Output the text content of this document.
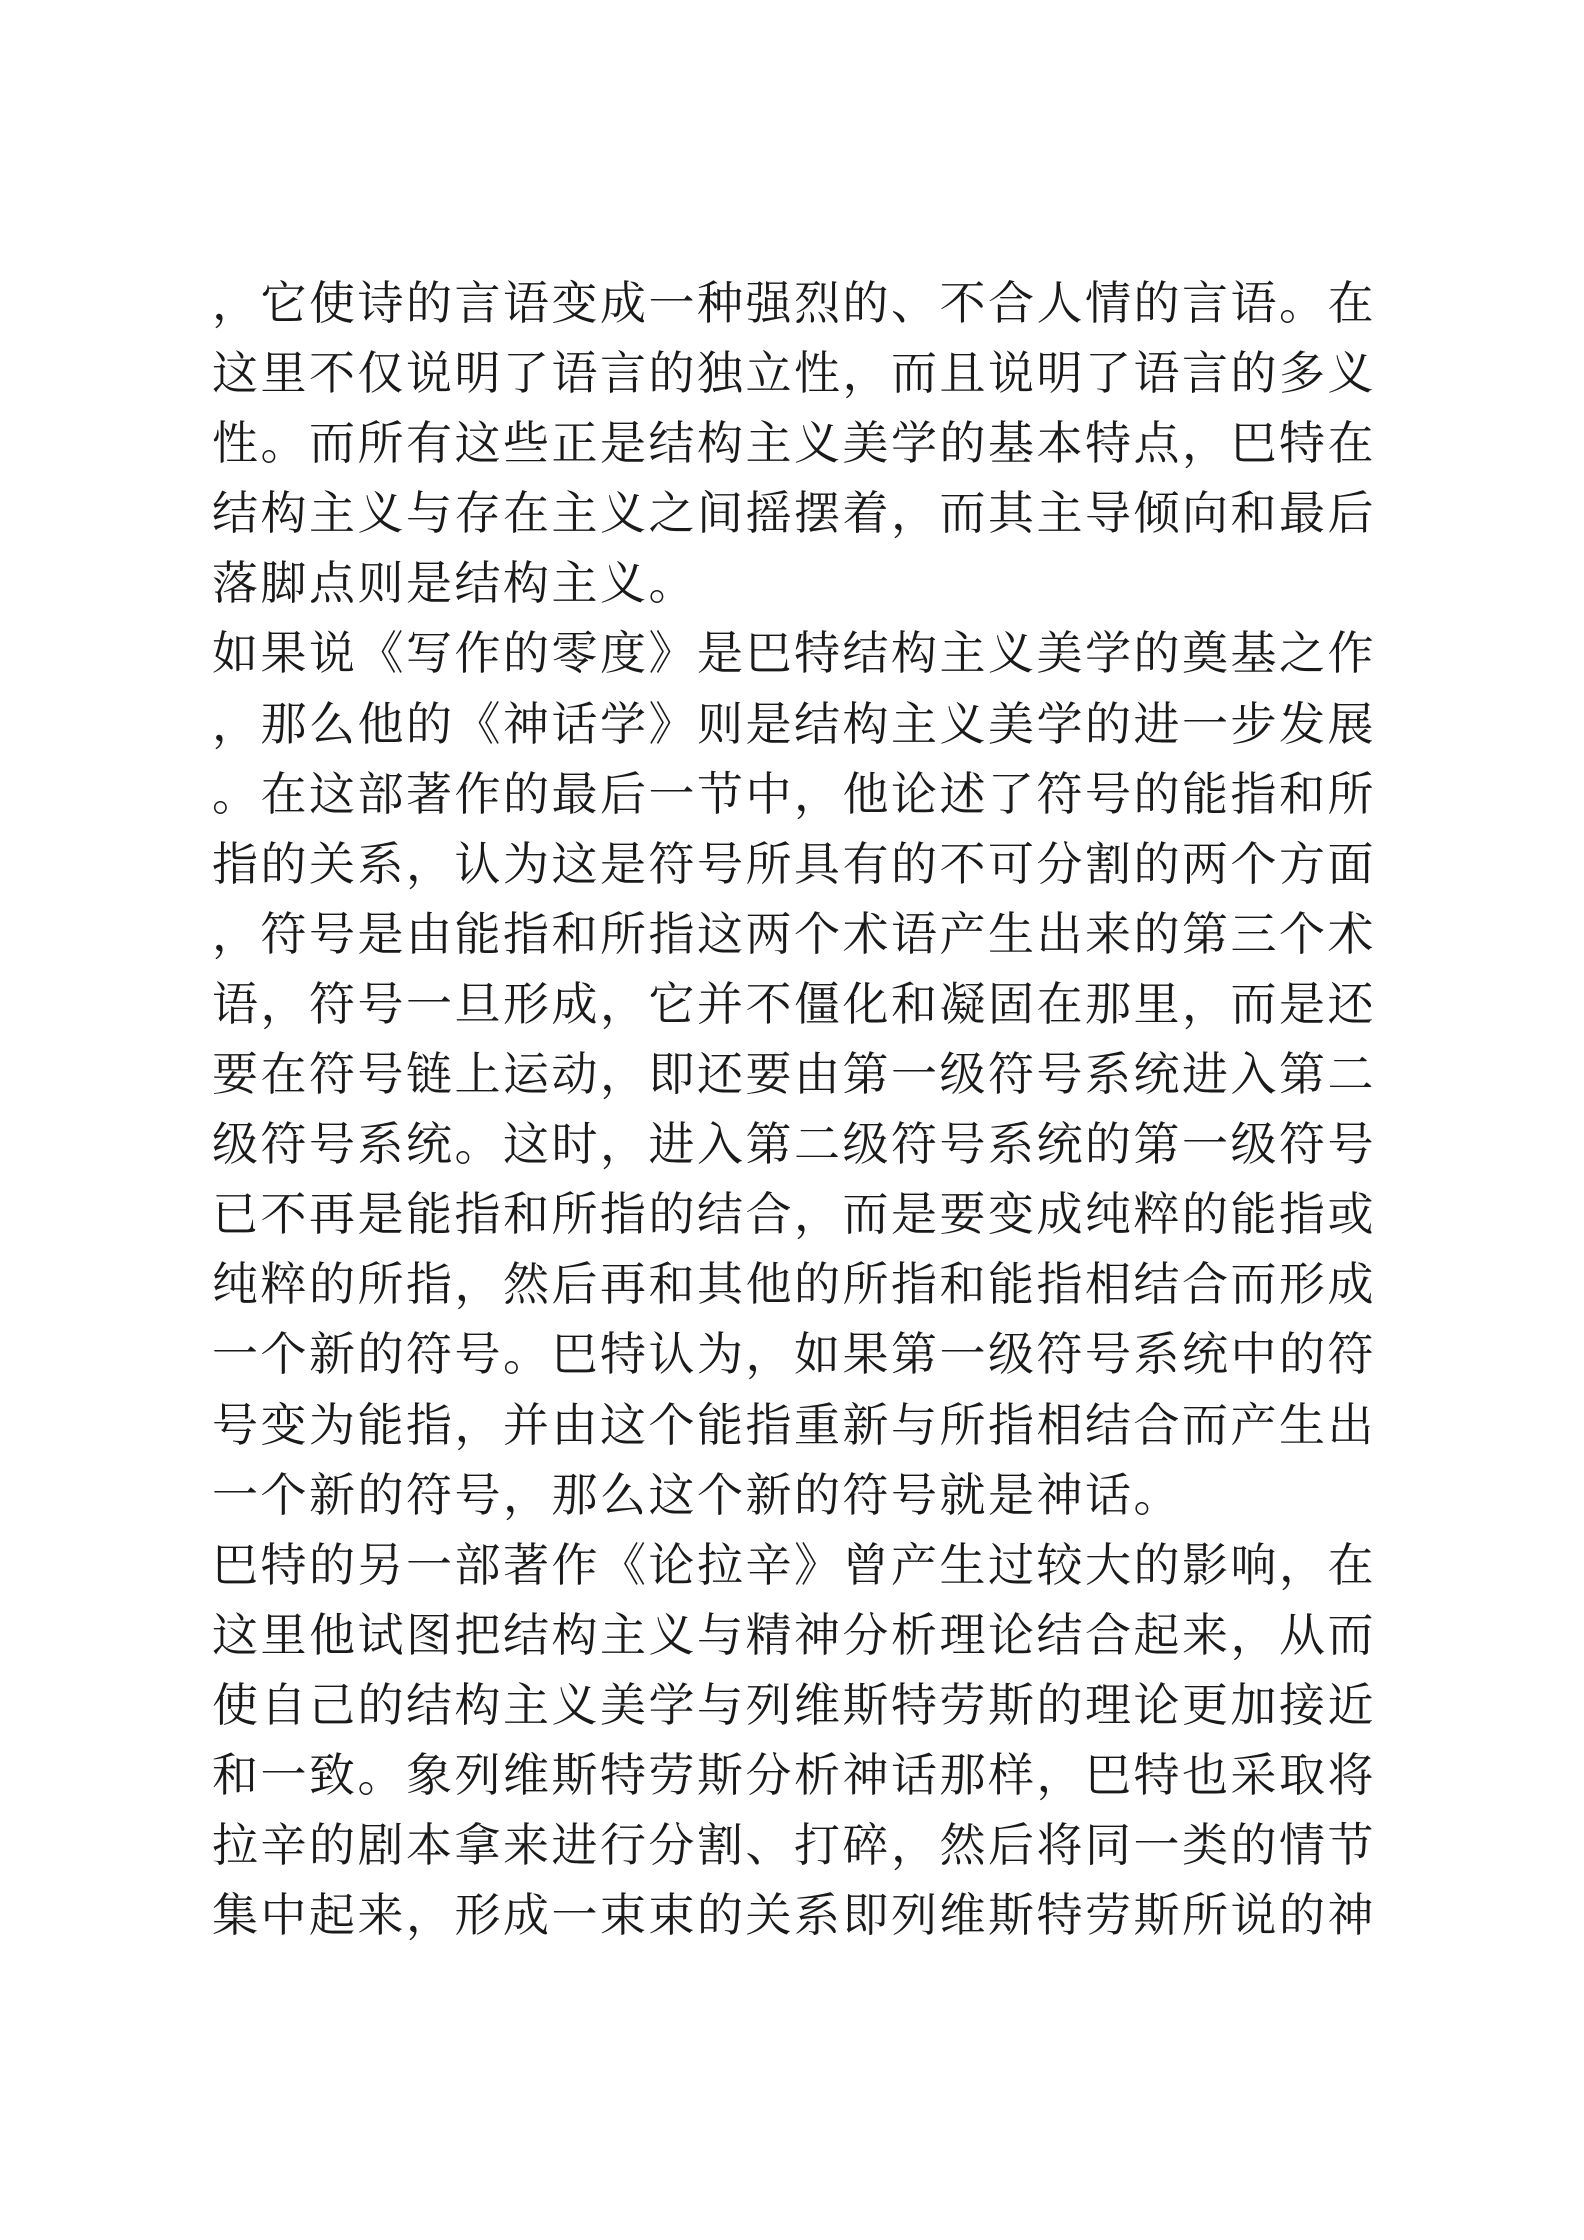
，它使诗的言语变成一种强烈的、不合人情的言语。在
这里不仅说明了语言的独立性，而且说明了语言的多义
性。而所有这些正是结构主义美学的基本特点，巴特在
结构主义与存在主义之间摇摆着，而其主导倾向和最后
落脚点则是结构主义。
如果说《写作的零度》是巴特结构主义美学的奠基之作
，那么他的《神话学》则是结构主义美学的进一步发展
。在这部著作的最后一节中，他论述了符号的能指和所
指的关系，认为这是符号所具有的不可分割的两个方面
，符号是由能指和所指这两个术语产生出来的第三个术
语，符号一旦形成，它并不僵化和凝固在那里，而是还
要在符号链上运动，即还要由第一级符号系统进入第二
级符号系统。这时，进入第二级符号系统的第一级符号
已不再是能指和所指的结合，而是要变成纯粹的能指或
纯粹的所指，然后再和其他的所指和能指相结合而形成
一个新的符号。巴特认为，如果第一级符号系统中的符
号变为能指，并由这个能指重新与所指相结合而产生出
一个新的符号，那么这个新的符号就是神话。
巴特的另一部著作《论拉辛》曾产生过较大的影响，在
这里他试图把结构主义与精神分析理论结合起来，从而
使自己的结构主义美学与列维斯特劳斯的理论更加接近
和一致。象列维斯特劳斯分析神话那样，巴特也采取将
拉辛的剧本拿来进行分割、打碎，然后将同一类的情节
集中起来，形成一束束的关系即列维斯特劳斯所说的神
